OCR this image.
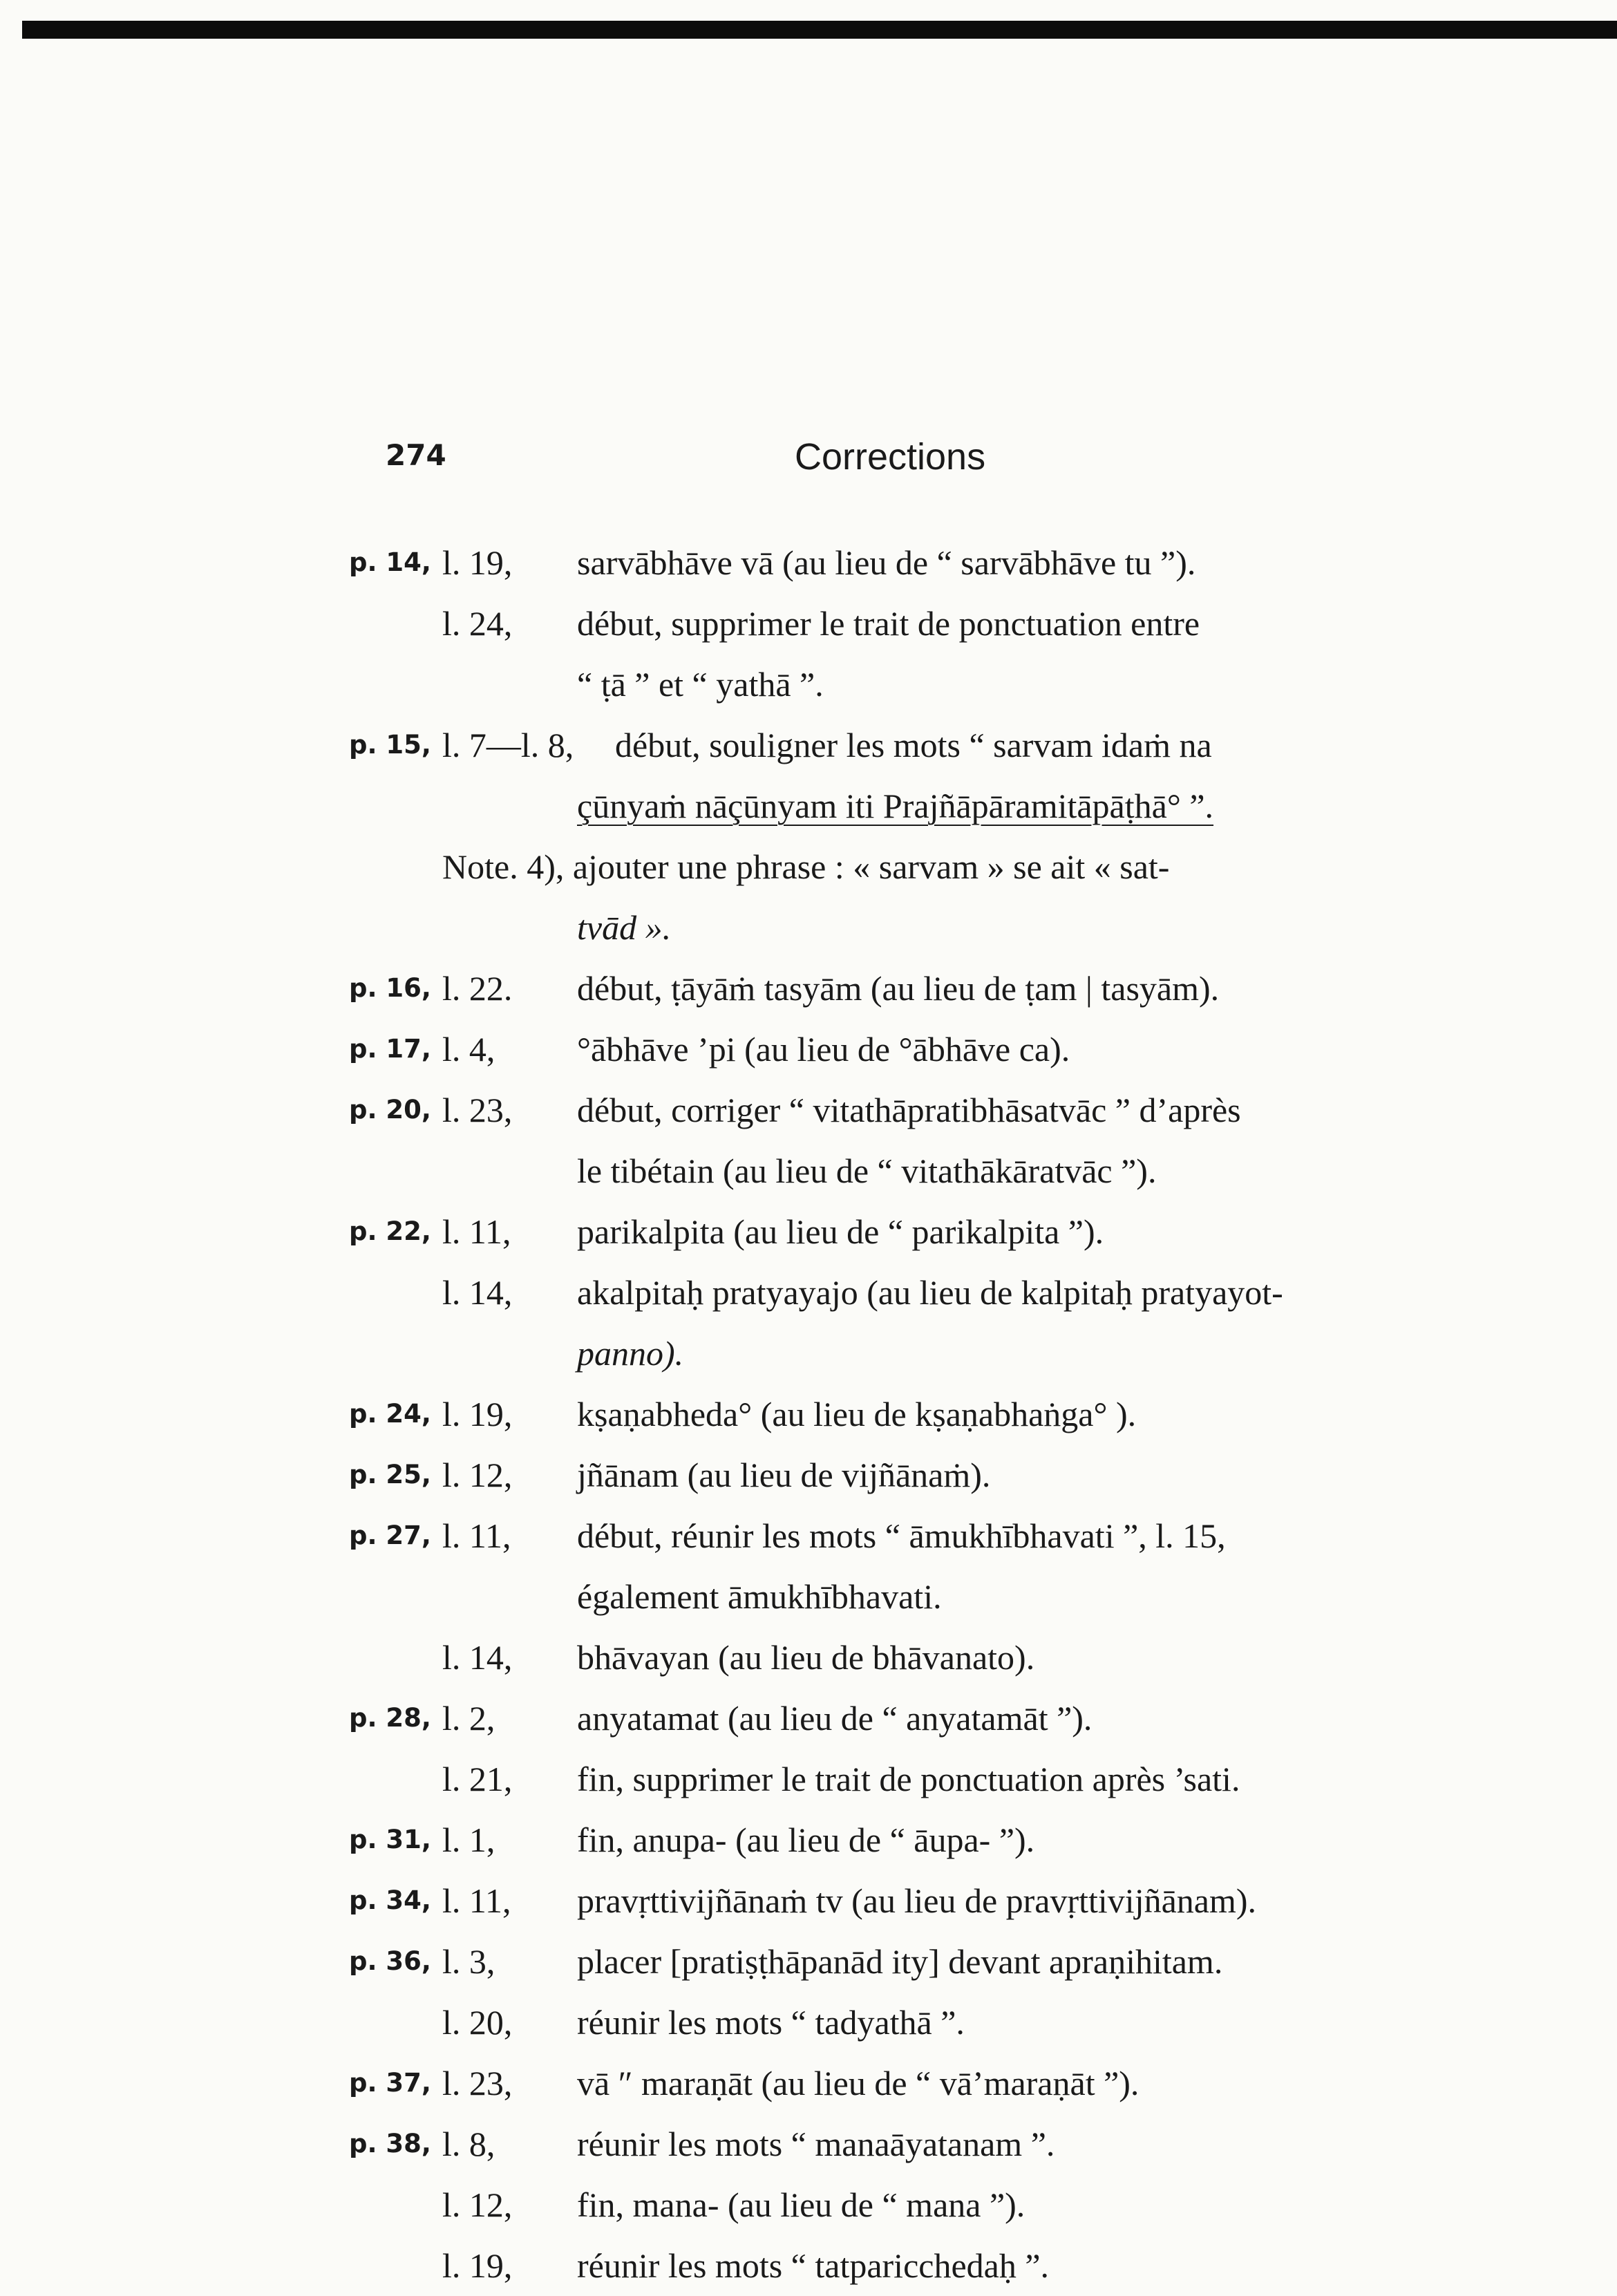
274	Corrections
p. 14, l. 19, sarvābhāve vā (au lieu de “ sarvābhāve tu ”).
l. 24, début, supprimer le trait de ponctuation entre
“ ṭā ” et “ yathā ”.
p. 15, l. 7—l. 8, début, souligner les mots “ sarvam idaṁ na
çūnyaṁ nāçūnyam iti Prajñāpāramitāpāṭhā° ”.
Note. 4), ajouter une phrase : « sarvam » se ait « sat-
tvād ».
p. 16, l. 22. début, ṭāyāṁ tasyām (au lieu de ṭam | tasyām).
p. 17, l. 4, °ābhāve ’pi (au lieu de °ābhāve ca).
p. 20, l. 23, début, corriger “ vitathāpratibhāsatvāc ” d’après
le tibétain (au lieu de “ vitathākāratvāc ”).
p. 22, l. 11, parikalpita (au lieu de “ parikalpita ”).
l. 14, akalpitaḥ pratyayajo (au lieu de kalpitaḥ pratyayot-
panno).
p. 24, l. 19, kṣaṇabheda° (au lieu de kṣaṇabhaṅga° ).
p. 25, l. 12, jñānam (au lieu de vijñānaṁ).
p. 27, l. 11, début, réunir les mots “ āmukhībhavati ”, l. 15,
également āmukhībhavati.
l. 14, bhāvayan (au lieu de bhāvanato).
p. 28, l. 2, anyatamat (au lieu de “ anyatamāt ”).
l. 21, fin, supprimer le trait de ponctuation après ’sati.
p. 31, l. 1, fin, anupa- (au lieu de “ āupa- ”).
p. 34, l. 11, pravṛttivijñānaṁ tv (au lieu de pravṛttivijñānam).
p. 36, l. 3, placer [pratiṣṭhāpanād ity] devant apraṇihitam.
l. 20, réunir les mots “ tadyathā ”.
p. 37, l. 23, vā ″ maraṇāt (au lieu de “ vā’maraṇāt ”).
p. 38, l. 8, réunir les mots “ manaāyatanam ”.
l. 12, fin, mana- (au lieu de “ mana ”).
l. 19, réunir les mots “ tatparicchedaḥ ”.
